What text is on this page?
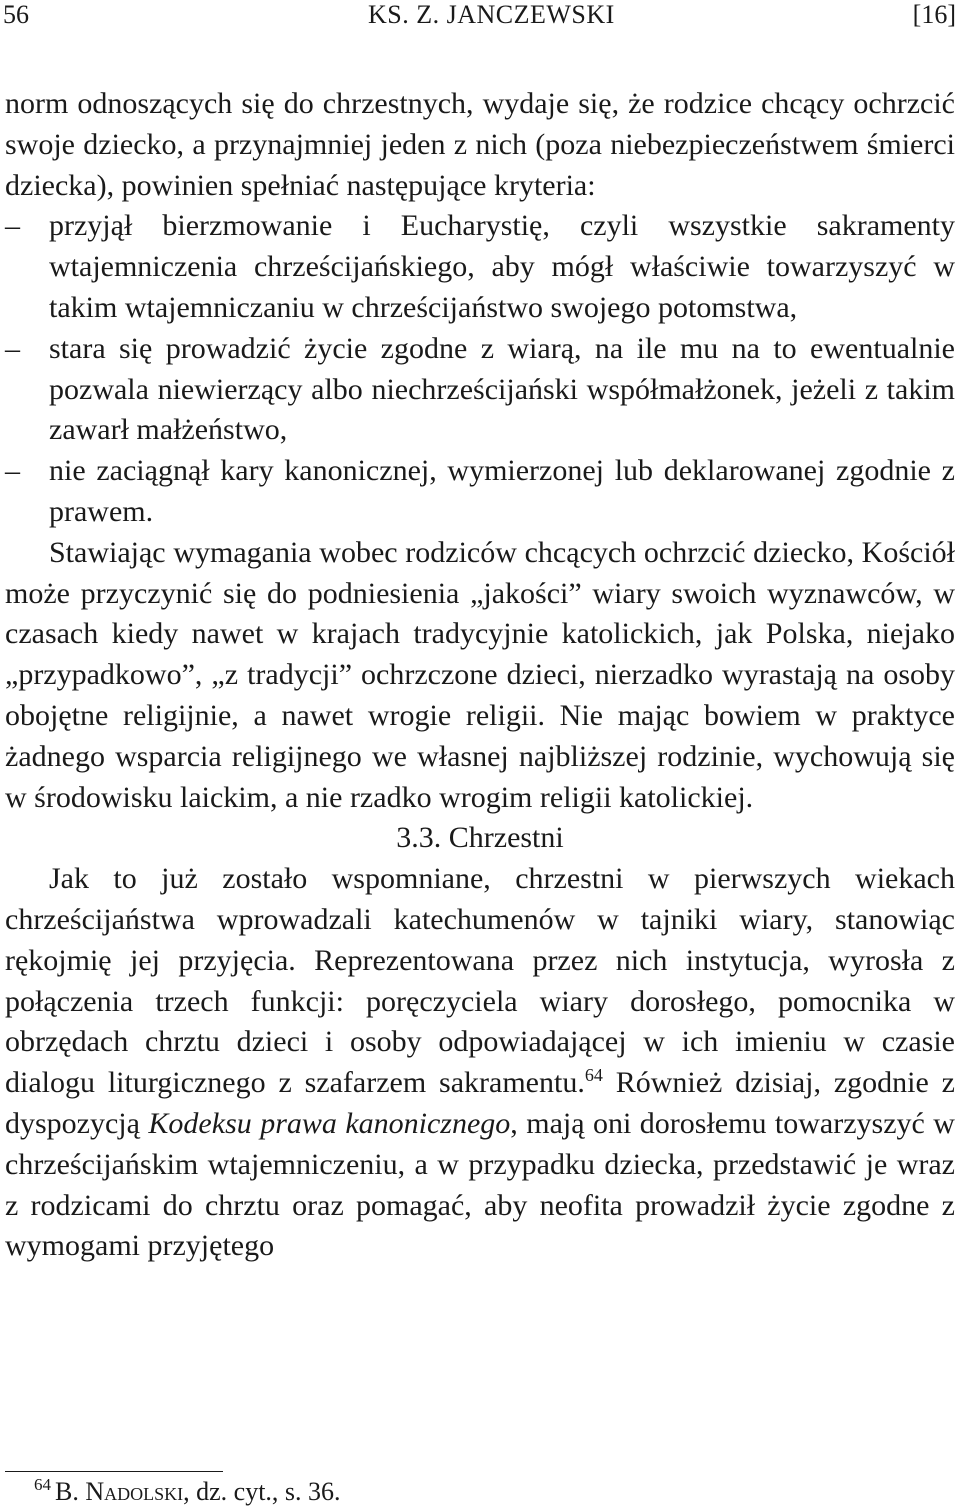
56	KS. Z. JANCZEWSKI	[16]

norm odnoszących się do chrzestnych, wydaje się, że rodzice chcący ochrzcić swoje dziecko, a przynajmniej jeden z nich (poza niebezpieczeństwem śmierci dziecka), powinien spełniać następujące kryteria:

– przyjął bierzmowanie i Eucharystię, czyli wszystkie sakramenty wtajemniczenia chrześcijańskiego, aby mógł właściwie towarzyszyć w takim wtajemniczaniu w chrześcijaństwo swojego potomstwa,
– stara się prowadzić życie zgodne z wiarą, na ile mu na to ewentualnie pozwala niewierzący albo niechrześcijański współmałżonek, jeżeli z takim zawarł małżeństwo,
– nie zaciągnął kary kanonicznej, wymierzonej lub deklarowanej zgodnie z prawem.

Stawiając wymagania wobec rodziców chcących ochrzcić dziecko, Kościół może przyczynić się do podniesienia „jakości” wiary swoich wyznawców, w czasach kiedy nawet w krajach tradycyjnie katolickich, jak Polska, niejako „przypadkowo”, „z tradycji” ochrzczone dzieci, nierzadko wyrastają na osoby obojętne religijnie, a nawet wrogie religii. Nie mając bowiem w praktyce żadnego wsparcia religijnego we własnej najbliższej rodzinie, wychowują się w środowisku laickim, a nie rzadko wrogim religii katolickiej.

3.3. Chrzestni

Jak to już zostało wspomniane, chrzestni w pierwszych wiekach chrześcijaństwa wprowadzali katechumenów w tajniki wiary, stanowiąc rękojmię jej przyjęcia. Reprezentowana przez nich instytucja, wyrosła z połączenia trzech funkcji: poręczyciela wiary dorosłego, pomocnika w obrzędach chrztu dzieci i osoby odpowiadającej w ich imieniu w czasie dialogu liturgicznego z szafarzem sakramentu.$^{64}$ Również dzisiaj, zgodnie z dyspozycją Kodeksu prawa kanonicznego, mają oni dorosłemu towarzyszyć w chrześcijańskim wtajemniczeniu, a w przypadku dziecka, przedstawić je wraz z rodzicami do chrztu oraz pomagać, aby neofita prowadził życie zgodne z wymogami przyjętego

$^{64}$ B. Nadolski, dz. cyt., s. 36.
